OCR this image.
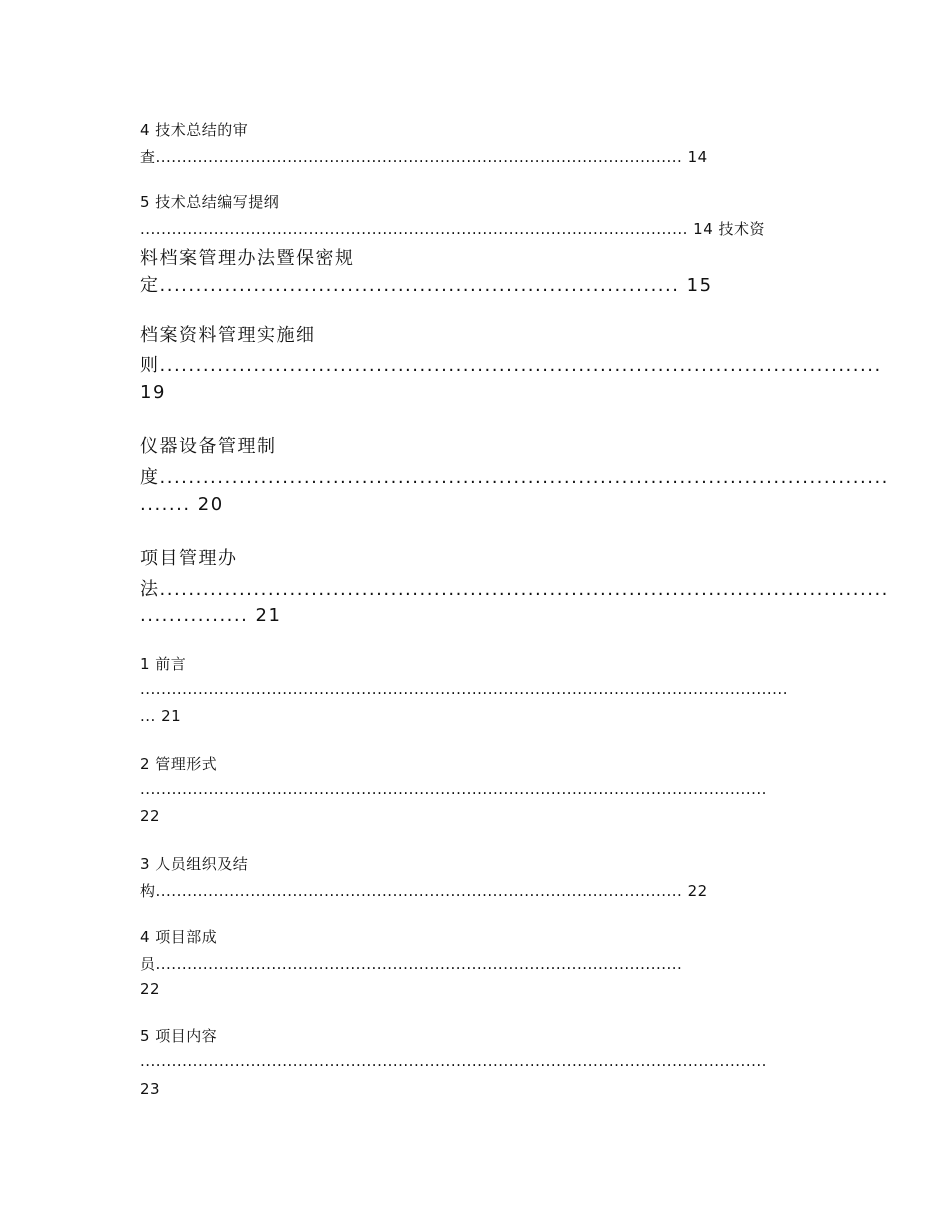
4 技术总结的审
查.................................................................................................... 14
5 技术总结编写提纲
........................................................................................................ 14 技术资
料档案管理办法暨保密规
定........................................................................ 15
档案资料管理实施细
则....................................................................................................
19
仪器设备管理制
度.....................................................................................................
....... 20
项目管理办
法.....................................................................................................
............... 21
1 前言
...........................................................................................................................
... 21
2 管理形式
.......................................................................................................................
22
3 人员组织及结
构.................................................................................................... 22
4 项目部成
员....................................................................................................
22
5 项目内容
.......................................................................................................................
23
